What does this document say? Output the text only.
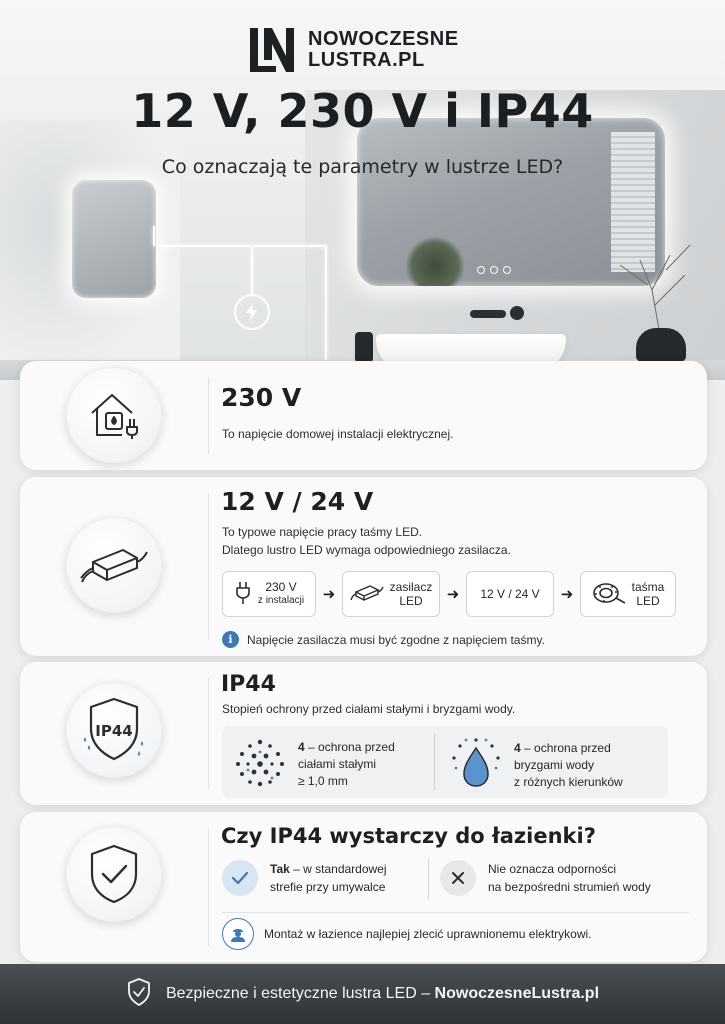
NOWOCZESNE
LUSTRA.PL
12 V, 230 V i IP44
Co oznaczają te parametry w lustrze LED?
230 V
To napięcie domowej instalacji elektrycznej.
12 V / 24 V
To typowe napięcie pracy taśmy LED.
Dlatego lustro LED wymaga odpowiedniego zasilacza.
230 V
z instalacji	➜	zasilacz
LED	➜	12 V / 24 V	➜	taśma
LED
i	Napięcie zasilacza musi być zgodne z napięciem taśmy.
IP44
IP44
Stopień ochrony przed ciałami stałymi i bryzgami wody.
4 – ochrona przed
ciałami stałymi
≥ 1,0 mm
4 – ochrona przed
bryzgami wody
z różnych kierunków
Czy IP44 wystarczy do łazienki?
Tak – w standardowej
strefie przy umywalce
Nie oznacza odporności
na bezpośredni strumień wody
Montaż w łazience najlepiej zlecić uprawnionemu elektrykowi.
Bezpieczne i estetyczne lustra LED – NowoczesneLustra.pl
